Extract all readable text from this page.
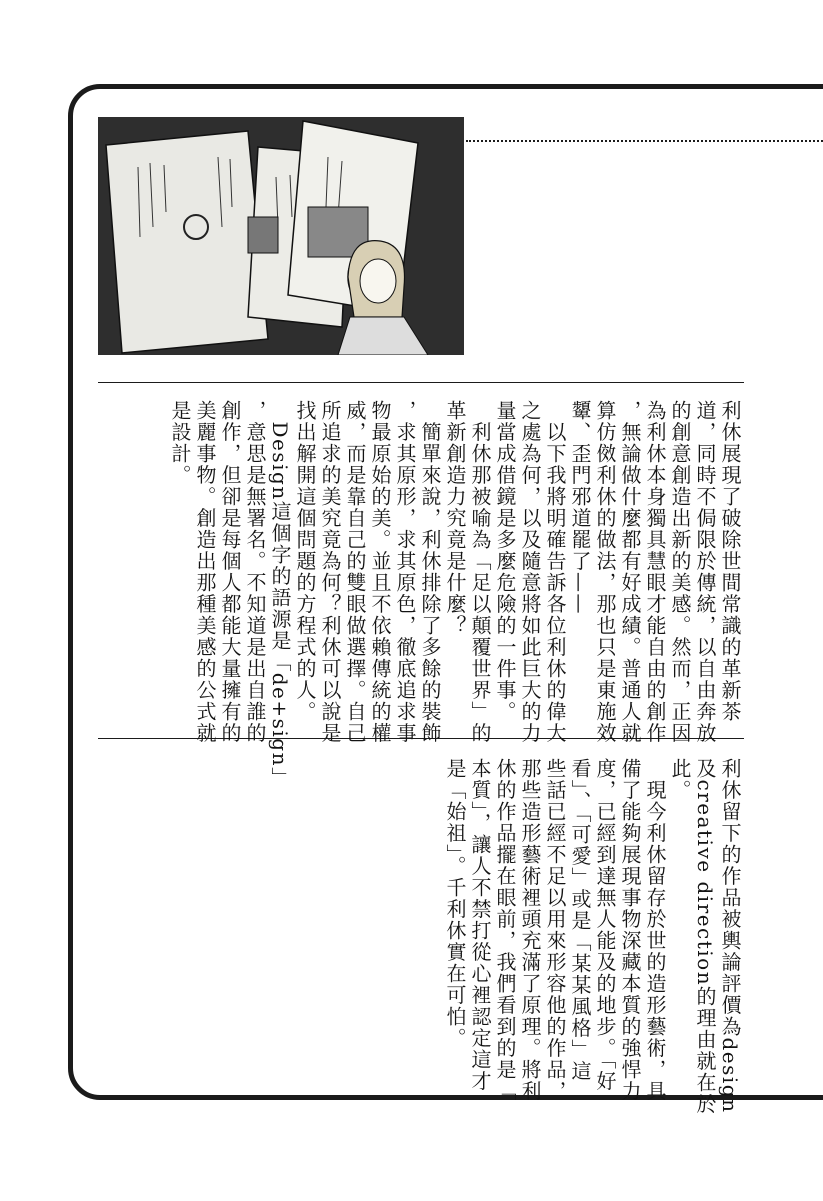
利休展現了破除世間常識的革新茶
道，同時不侷限於傳統，以自由奔放
的創意創造出新的美感。然而，正因
為利休本身獨具慧眼才能自由的創作
，無論做什麼都有好成績。普通人就
算仿傚利休的做法，那也只是東施效
顰、歪門邪道罷了——
　以下我將明確告訴各位利休的偉大
之處為何，以及隨意將如此巨大的力
量當成借鏡是多麼危險的一件事。
　利休那被喻為「足以顛覆世界」的
革新創造力究竟是什麼？
　簡單來說，利休排除了多餘的裝飾
，求其原形，求其原色，徹底追求事
物最原始的美。並且不依賴傳統的權
威，而是靠自己的雙眼做選擇。自己
所追求的美究竟為何？利休可以說是
找出解開這個問題的方程式的人。
　Design這個字的語源是「de+sign」
，意思是無署名。不知道是出自誰的
創作，但卻是每個人都能大量擁有的
美麗事物。創造出那種美感的公式就
是設計。
利休留下的作品被輿論評價為design
及creative direction的理由就在於
此。
　現今利休留存於世的造形藝術，具
備了能夠展現事物深藏本質的強悍力
度，已經到達無人能及的地步。「好
看」、「可愛」或是「某某風格」這
些話已經不足以用來形容他的作品，
那些造形藝術裡頭充滿了原理。將利
休的作品擺在眼前，我們看到的是「
本質」，讓人不禁打從心裡認定這才
是「始祖」。千利休實在可怕。
